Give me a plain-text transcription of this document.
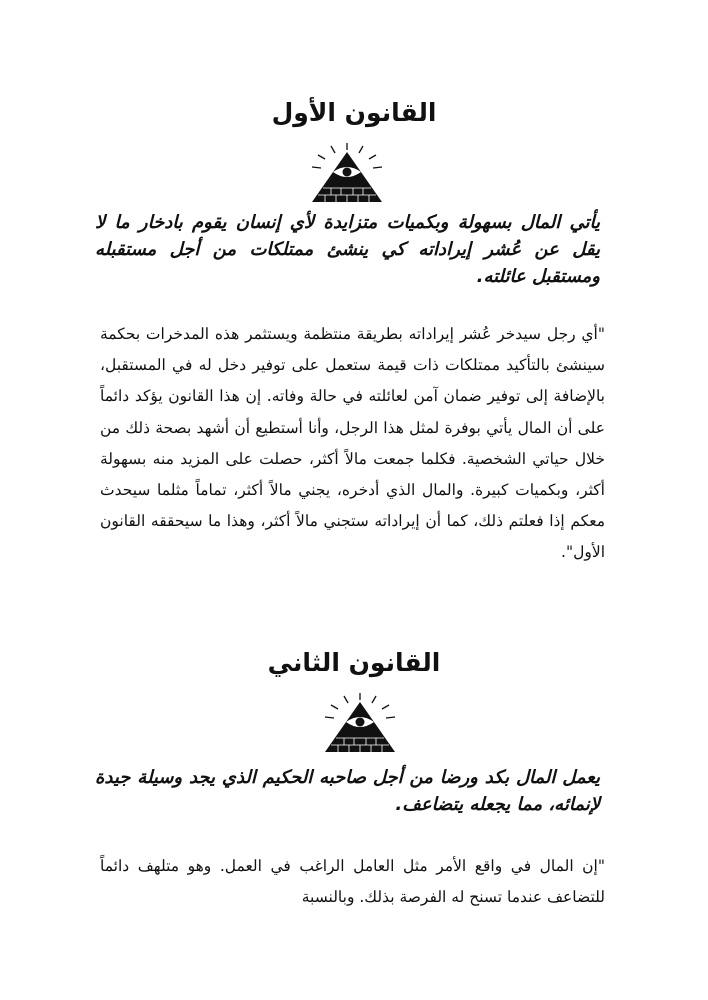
القانون الأول
يأتي المال بسهولة وبكميات متزايدة لأي إنسان يقوم بادخار ما لا يقل عن عُشر إيراداته كي ينشئ ممتلكات من أجل مستقبله ومستقبل عائلته.
"أي رجل سيدخر عُشر إيراداته بطريقة منتظمة ويستثمر هذه المدخرات بحكمة سينشئ بالتأكيد ممتلكات ذات قيمة ستعمل على توفير دخل له في المستقبل، بالإضافة إلى توفير ضمان آمن لعائلته في حالة وفاته. إن هذا القانون يؤكد دائماً على أن المال يأتي بوفرة لمثل هذا الرجل، وأنا أستطيع أن أشهد بصحة ذلك من خلال حياتي الشخصية. فكلما جمعت مالاً أكثر، حصلت على المزيد منه بسهولة أكثر، وبكميات كبيرة. والمال الذي أدخره، يجني مالاً أكثر، تماماً مثلما سيحدث معكم إذا فعلتم ذلك، كما أن إيراداته ستجني مالاً أكثر، وهذا ما سيحققه القانون الأول".
القانون الثاني
يعمل المال بكد ورضا من أجل صاحبه الحكيم الذي يجد وسيلة جيدة لإنمائه، مما يجعله يتضاعف.
"إن المال في واقع الأمر مثل العامل الراغب في العمل. وهو متلهف دائماً للتضاعف عندما تسنح له الفرصة بذلك. وبالنسبة
